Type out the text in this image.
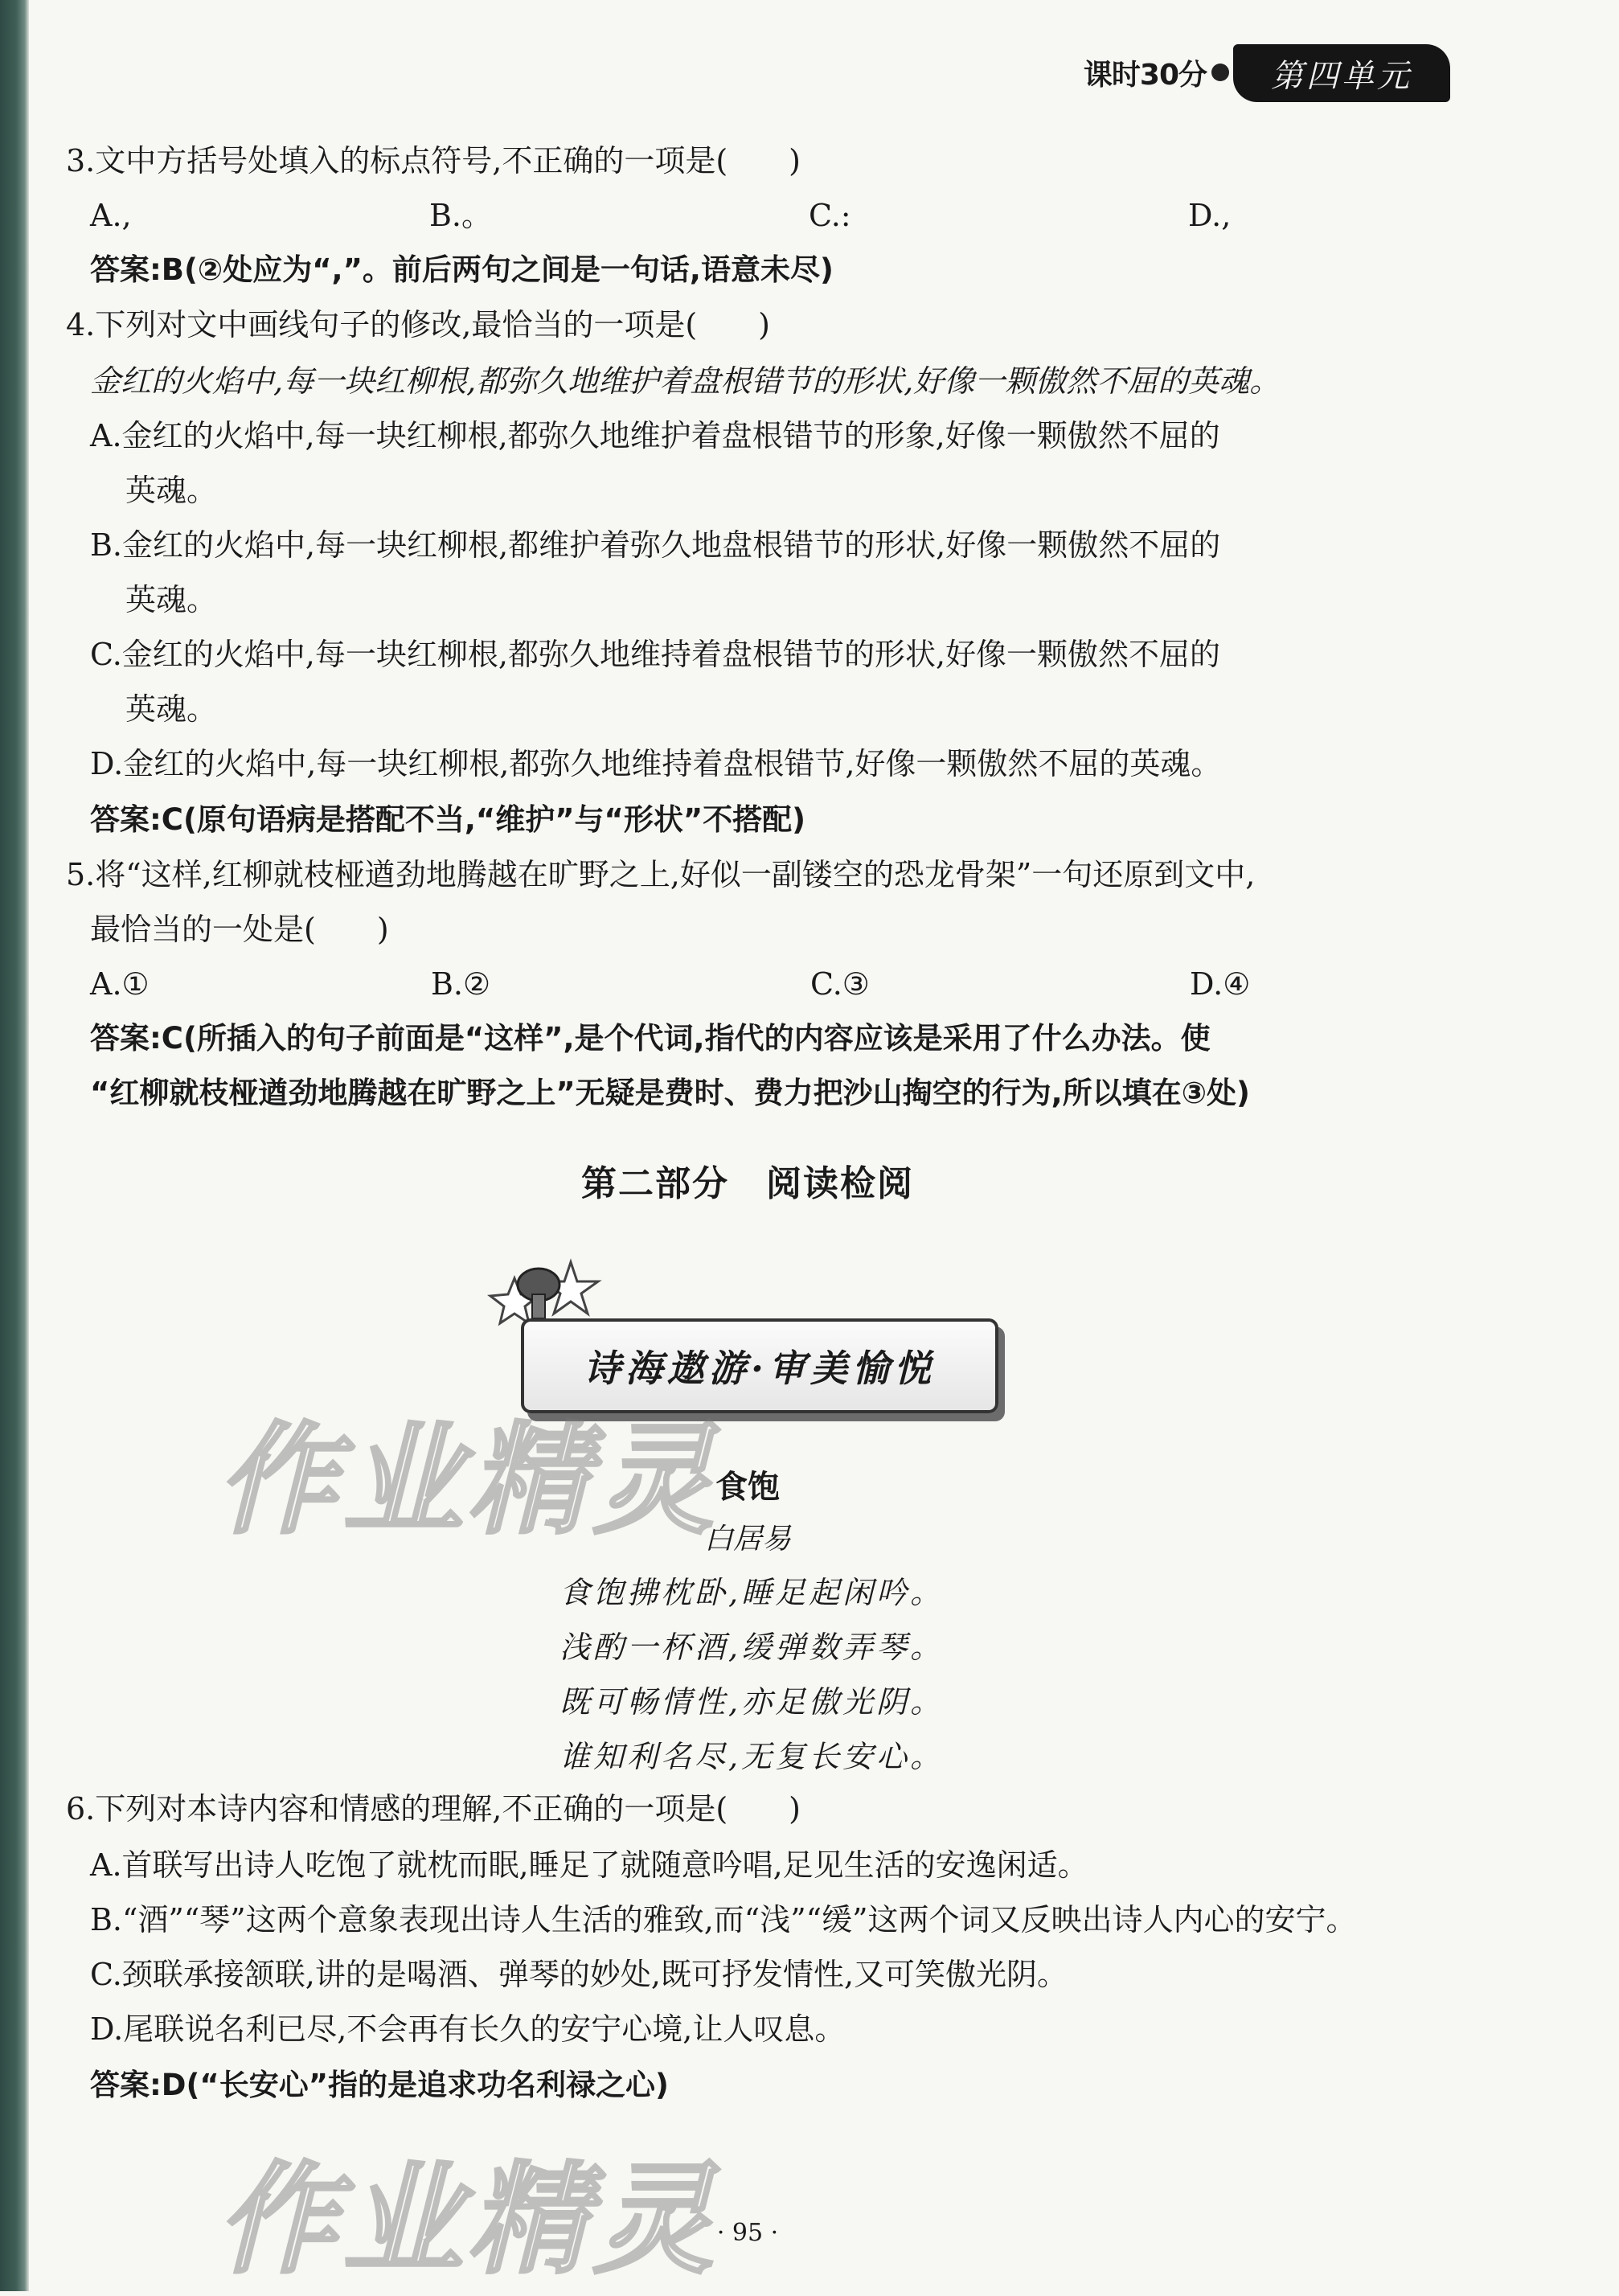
课时30分	第四单元
3.文中方括号处填入的标点符号,不正确的一项是(　　)
A.,	B.。	C.:	D.,
答案:B(②处应为“,”。前后两句之间是一句话,语意未尽)
4.下列对文中画线句子的修改,最恰当的一项是(　　)
金红的火焰中,每一块红柳根,都弥久地维护着盘根错节的形状,好像一颗傲然不屈的英魂。
A.金红的火焰中,每一块红柳根,都弥久地维护着盘根错节的形象,好像一颗傲然不屈的
英魂。
B.金红的火焰中,每一块红柳根,都维护着弥久地盘根错节的形状,好像一颗傲然不屈的
英魂。
C.金红的火焰中,每一块红柳根,都弥久地维持着盘根错节的形状,好像一颗傲然不屈的
英魂。
D.金红的火焰中,每一块红柳根,都弥久地维持着盘根错节,好像一颗傲然不屈的英魂。
答案:C(原句语病是搭配不当,“维护”与“形状”不搭配)
5.将“这样,红柳就枝桠遒劲地腾越在旷野之上,好似一副镂空的恐龙骨架”一句还原到文中,
最恰当的一处是(　　)
A.①	B.②	C.③	D.④
答案:C(所插入的句子前面是“这样”,是个代词,指代的内容应该是采用了什么办法。使
“红柳就枝桠遒劲地腾越在旷野之上”无疑是费时、费力把沙山掏空的行为,所以填在③处)
第二部分　阅读检阅
诗海遨游·审美愉悦
食饱
白居易
食饱拂枕卧,睡足起闲吟。
浅酌一杯酒,缓弹数弄琴。
既可畅情性,亦足傲光阴。
谁知利名尽,无复长安心。
6.下列对本诗内容和情感的理解,不正确的一项是(　　)
A.首联写出诗人吃饱了就枕而眠,睡足了就随意吟唱,足见生活的安逸闲适。
B.“酒”“琴”这两个意象表现出诗人生活的雅致,而“浅”“缓”这两个词又反映出诗人内心的安宁。
C.颈联承接颔联,讲的是喝酒、弹琴的妙处,既可抒发情性,又可笑傲光阴。
D.尾联说名利已尽,不会再有长久的安宁心境,让人叹息。
答案:D(“长安心”指的是追求功名利禄之心)
作业精灵
作业精灵
· 95 ·
